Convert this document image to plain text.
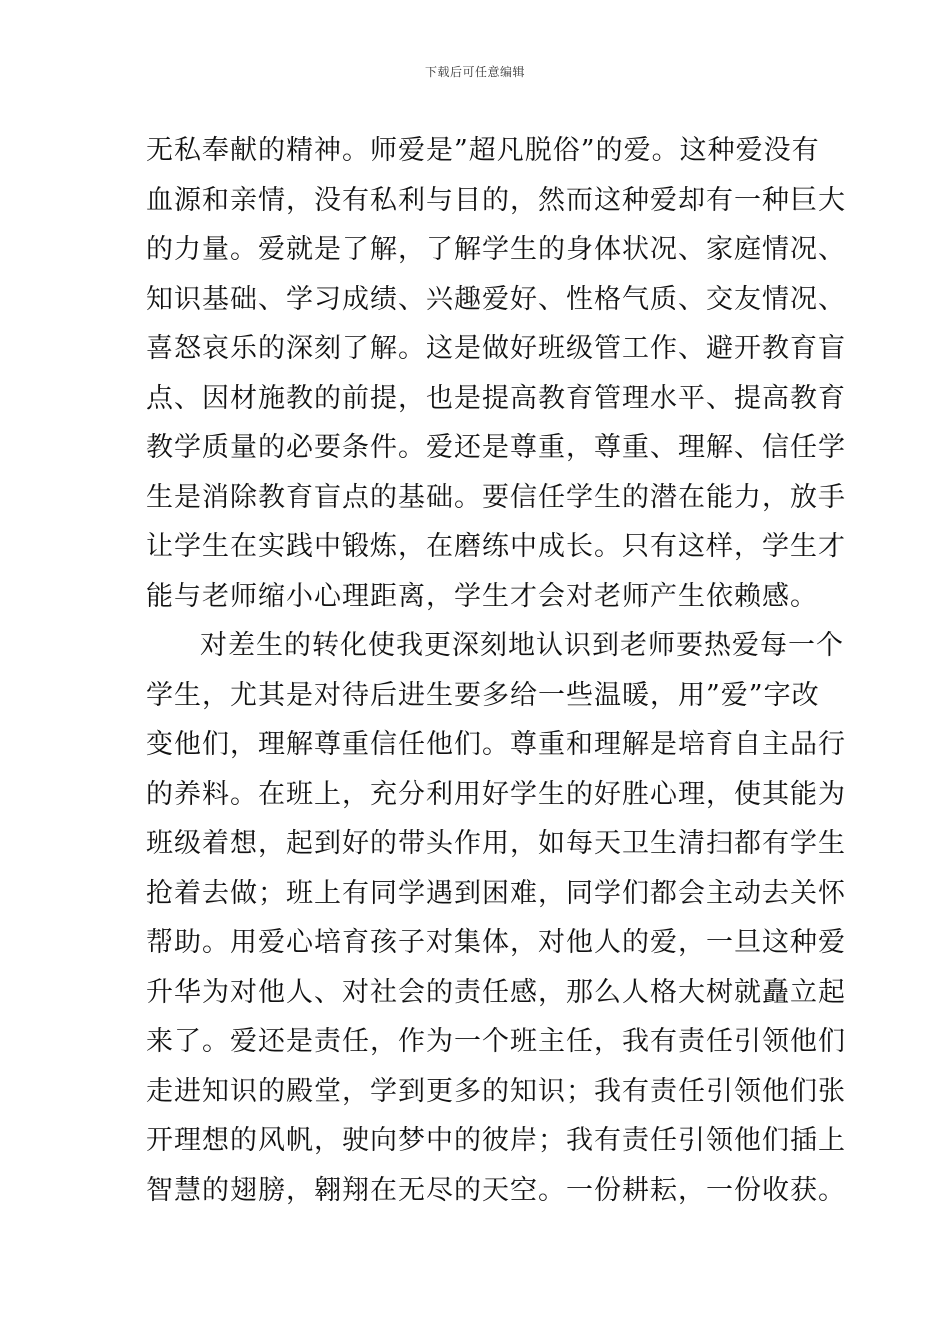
下载后可任意编辑
无私奉献的精神。师爱是”超凡脱俗”的爱。这种爱没有
血源和亲情，没有私利与目的，然而这种爱却有一种巨大
的力量。爱就是了解，了解学生的身体状况、家庭情况、
知识基础、学习成绩、兴趣爱好、性格气质、交友情况、
喜怒哀乐的深刻了解。这是做好班级管工作、避开教育盲
点、因材施教的前提，也是提高教育管理水平、提高教育
教学质量的必要条件。爱还是尊重，尊重、理解、信任学
生是消除教育盲点的基础。要信任学生的潜在能力，放手
让学生在实践中锻炼，在磨练中成长。只有这样，学生才
能与老师缩小心理距离，学生才会对老师产生依赖感。
对差生的转化使我更深刻地认识到老师要热爱每一个
学生，尤其是对待后进生要多给一些温暖，用”爱”字改
变他们，理解尊重信任他们。尊重和理解是培育自主品行
的养料。在班上，充分利用好学生的好胜心理，使其能为
班级着想，起到好的带头作用，如每天卫生清扫都有学生
抢着去做；班上有同学遇到困难，同学们都会主动去关怀
帮助。用爱心培育孩子对集体，对他人的爱，一旦这种爱
升华为对他人、对社会的责任感，那么人格大树就矗立起
来了。爱还是责任，作为一个班主任，我有责任引领他们
走进知识的殿堂，学到更多的知识；我有责任引领他们张
开理想的风帆，驶向梦中的彼岸；我有责任引领他们插上
智慧的翅膀，翱翔在无尽的天空。一份耕耘，一份收获。
